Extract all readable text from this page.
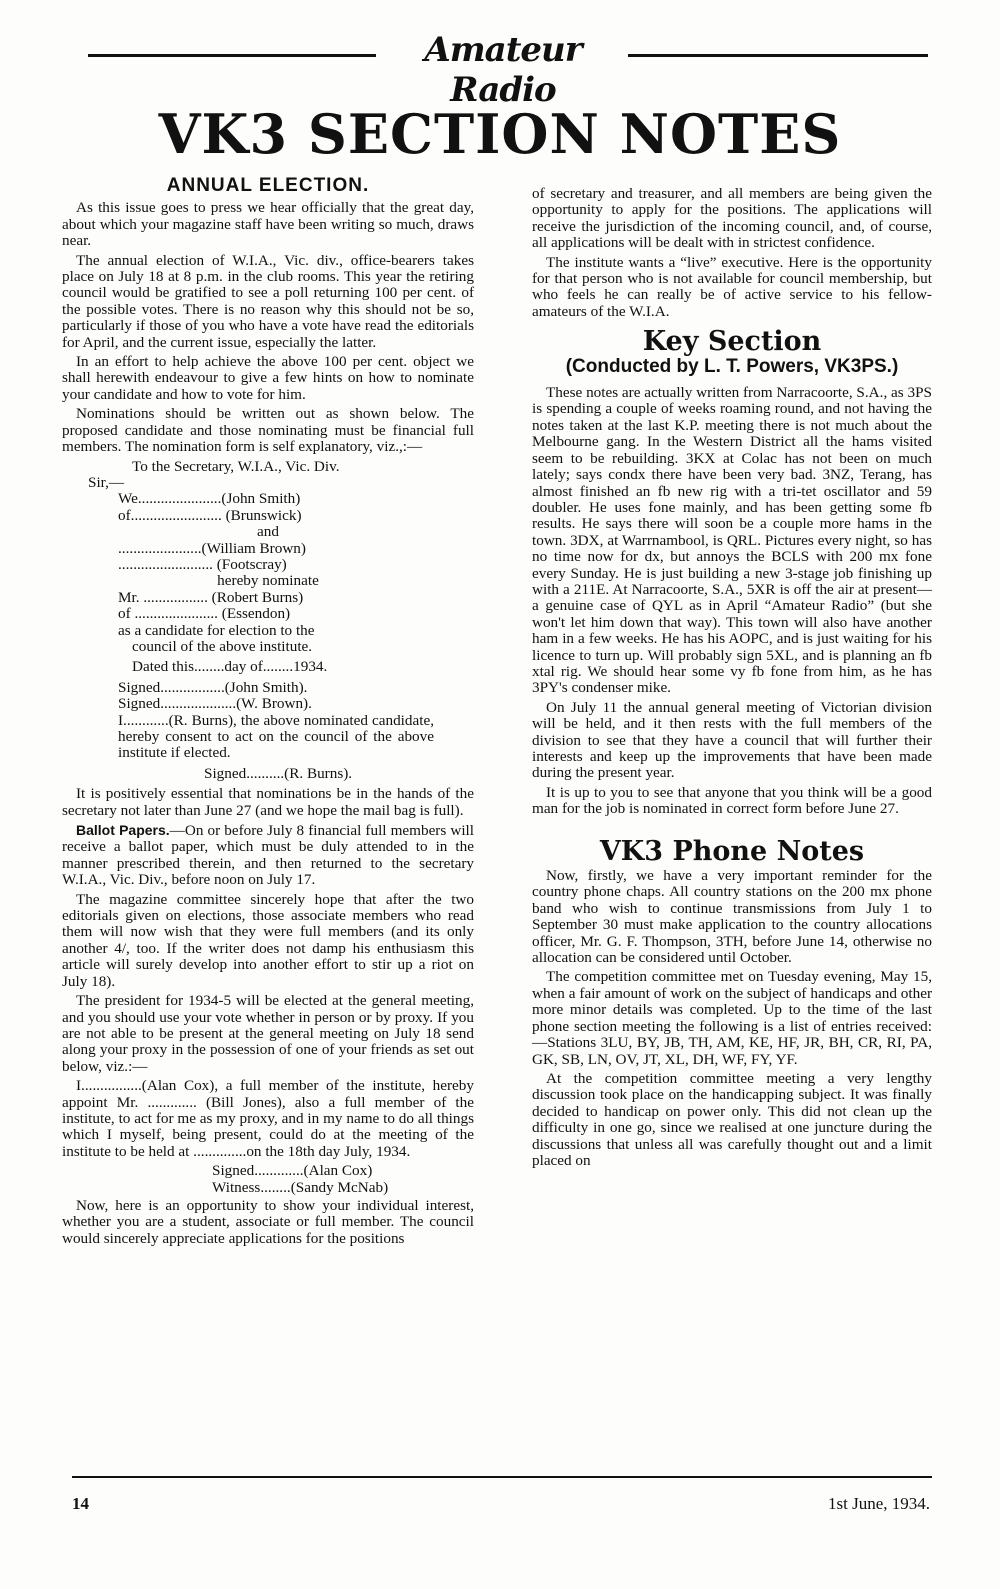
Amateur Radio
VK3 SECTION NOTES
ANNUAL ELECTION.

As this issue goes to press we hear officially that the great day, about which your magazine staff have been writing so much, draws near.

The annual election of W.I.A., Vic. div., office-bearers takes place on July 18 at 8 p.m. in the club rooms. This year the retiring council would be gratified to see a poll returning 100 per cent. of the possible votes. There is no reason why this should not be so, particularly if those of you who have a vote have read the editorials for April, and the current issue, especially the latter.

In an effort to help achieve the above 100 per cent. object we shall herewith endeavour to give a few hints on how to nominate your candidate and how to vote for him.

Nominations should be written out as shown below. The proposed candidate and those nominating must be financial full members. The nomination form is self explanatory, viz.,:—

To the Secretary, W.I.A., Vic. Div.
Sir,—
We......................(John Smith)
of........................ (Brunswick)
and
......................(William Brown)
......................... (Footscray)
hereby nominate
Mr. ................. (Robert Burns)
of ...................... (Essendon)
as a candidate for election to the
council of the above institute.
Dated this........day of........1934.
Signed.................(John Smith).
Signed....................(W. Brown).
I............(R. Burns), the above nominated candidate, hereby consent to act on the council of the above institute if elected.
Signed..........(R. Burns).

It is positively essential that nominations be in the hands of the secretary not later than June 27 (and we hope the mail bag is full).

Ballot Papers.—On or before July 8 financial full members will receive a ballot paper, which must be duly attended to in the manner prescribed therein, and then returned to the secretary W.I.A., Vic. Div., before noon on July 17.

The magazine committee sincerely hope that after the two editorials given on elections, those associate members who read them will now wish that they were full members (and its only another 4/, too. If the writer does not damp his enthusiasm this article will surely develop into another effort to stir up a riot on July 18).

The president for 1934-5 will be elected at the general meeting, and you should use your vote whether in person or by proxy. If you are not able to be present at the general meeting on July 18 send along your proxy in the possession of one of your friends as set out below, viz.:—

I................(Alan Cox), a full member of the institute, hereby appoint Mr. ............. (Bill Jones), also a full member of the institute, to act for me as my proxy, and in my name to do all things which I myself, being present, could do at the meeting of the institute to be held at ..............on the 18th day July, 1934.

Signed.............(Alan Cox)
Witness........(Sandy McNab)

Now, here is an opportunity to show your individual interest, whether you are a student, associate or full member. The council would sincerely appreciate applications for the positions

of secretary and treasurer, and all members are being given the opportunity to apply for the positions. The applications will receive the jurisdiction of the incoming council, and, of course, all applications will be dealt with in strictest confidence.

The institute wants a “live” executive. Here is the opportunity for that person who is not available for council membership, but who feels he can really be of active service to his fellow-amateurs of the W.I.A.

Key Section
(Conducted by L. T. Powers, VK3PS.)

These notes are actually written from Narracoorte, S.A., as 3PS is spending a couple of weeks roaming round, and not having the notes taken at the last K.P. meeting there is not much about the Melbourne gang. In the Western District all the hams visited seem to be rebuilding. 3KX at Colac has not been on much lately; says condx there have been very bad. 3NZ, Terang, has almost finished an fb new rig with a tri-tet oscillator and 59 doubler. He uses fone mainly, and has been getting some fb results. He says there will soon be a couple more hams in the town. 3DX, at Warrnambool, is QRL. Pictures every night, so has no time now for dx, but annoys the BCLS with 200 mx fone every Sunday. He is just building a new 3-stage job finishing up with a 211E. At Narracoorte, S.A., 5XR is off the air at present—a genuine case of QYL as in April “Amateur Radio” (but she won't let him down that way). This town will also have another ham in a few weeks. He has his AOPC, and is just waiting for his licence to turn up. Will probably sign 5XL, and is planning an fb xtal rig. We should hear some vy fb fone from him, as he has 3PY's condenser mike.

On July 11 the annual general meeting of Victorian division will be held, and it then rests with the full members of the division to see that they have a council that will further their interests and keep up the improvements that have been made during the present year.

It is up to you to see that anyone that you think will be a good man for the job is nominated in correct form before June 27.

VK3 Phone Notes

Now, firstly, we have a very important reminder for the country phone chaps. All country stations on the 200 mx phone band who wish to continue transmissions from July 1 to September 30 must make application to the country allocations officer, Mr. G. F. Thompson, 3TH, before June 14, otherwise no allocation can be considered until October.

The competition committee met on Tuesday evening, May 15, when a fair amount of work on the subject of handicaps and other more minor details was completed. Up to the time of the last phone section meeting the following is a list of entries received:—Stations 3LU, BY, JB, TH, AM, KE, HF, JR, BH, CR, RI, PA, GK, SB, LN, OV, JT, XL, DH, WF, FY, YF.

At the competition committee meeting a very lengthy discussion took place on the handicapping subject. It was finally decided to handicap on power only. This did not clean up the difficulty in one go, since we realised at one juncture during the discussions that unless all was carefully thought out and a limit placed on

14	1st June, 1934.
